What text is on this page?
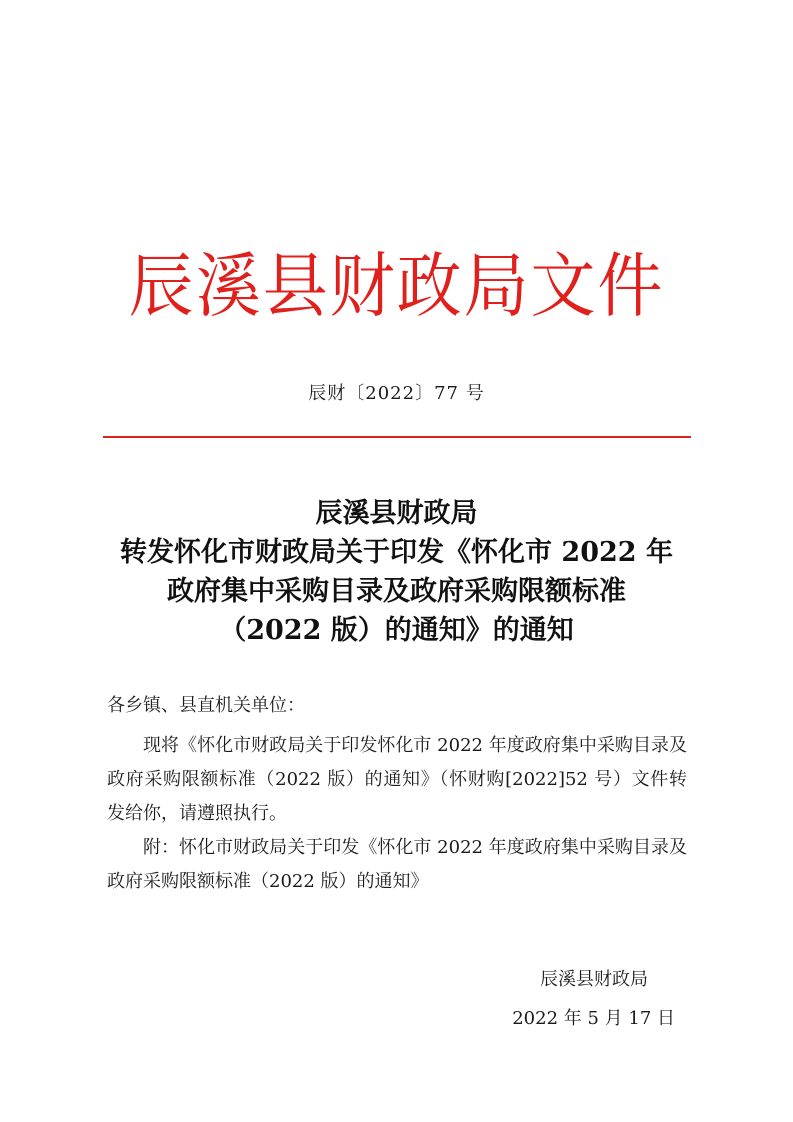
辰溪县财政局文件
辰财〔2022〕77 号
辰溪县财政局
转发怀化市财政局关于印发《怀化市 2022 年
政府集中采购目录及政府采购限额标准
（2022 版）的通知》的通知
各乡镇、县直机关单位：
现将《怀化市财政局关于印发怀化市 2022 年度政府集中采购目录及政府采购限额标准（2022 版）的通知》（怀财购[2022]52 号）文件转发给你，请遵照执行。
附：怀化市财政局关于印发《怀化市 2022 年度政府集中采购目录及政府采购限额标准（2022 版）的通知》
辰溪县财政局
2022 年 5 月 17 日
